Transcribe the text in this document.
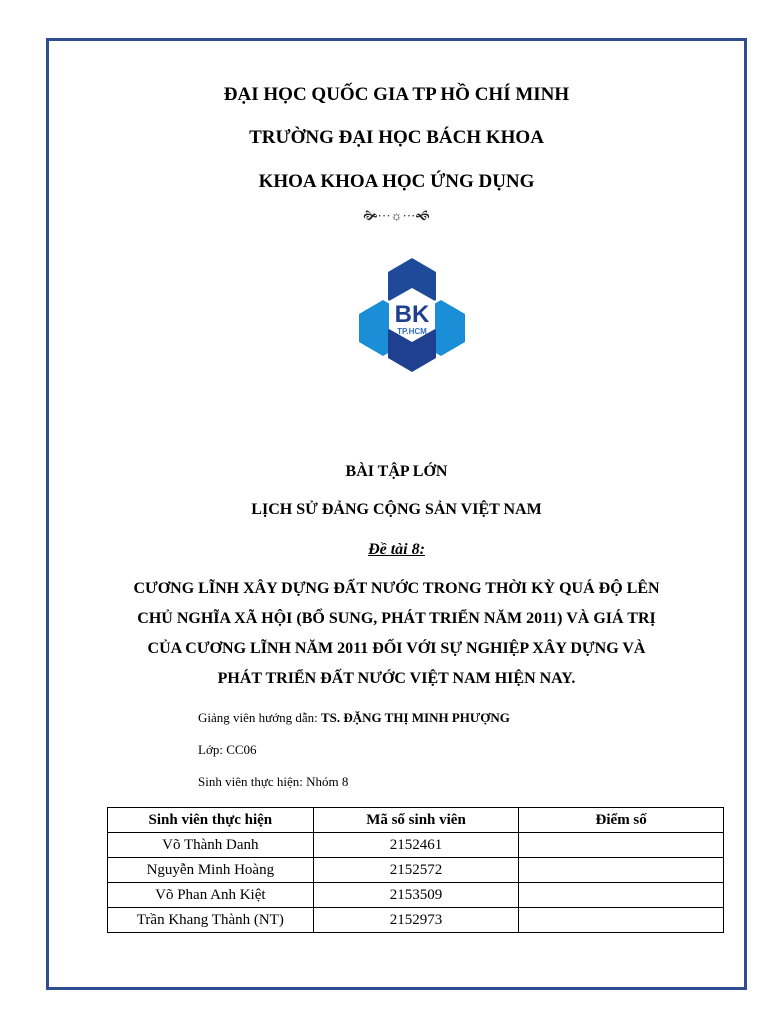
ĐẠI HỌC QUỐC GIA TP HỒ CHÍ MINH
TRƯỜNG ĐẠI HỌC BÁCH KHOA
KHOA KHOA HỌC ỨNG DỤNG
🙞···☼···🙜
BK
TP.HCM
BÀI TẬP LỚN
LỊCH SỬ ĐẢNG CỘNG SẢN VIỆT NAM
Đề tài 8:
CƯƠNG LĨNH XÂY DỰNG ĐẤT NƯỚC TRONG THỜI KỲ QUÁ ĐỘ LÊN
CHỦ NGHĨA XÃ HỘI (BỔ SUNG, PHÁT TRIỂN NĂM 2011) VÀ GIÁ TRỊ
CỦA CƯƠNG LĨNH NĂM 2011 ĐỐI VỚI SỰ NGHIỆP XÂY DỰNG VÀ
PHÁT TRIỂN ĐẤT NƯỚC VIỆT NAM HIỆN NAY.
Giảng viên hướng dẫn: TS. ĐẶNG THỊ MINH PHƯỢNG
Lớp: CC06
Sinh viên thực hiện: Nhóm 8
Sinh viên thực hiện	Mã số sinh viên	Điểm số
Võ Thành Danh	2152461	
Nguyễn Minh Hoàng	2152572	
Võ Phan Anh Kiệt	2153509	
Trần Khang Thành (NT)	2152973	
